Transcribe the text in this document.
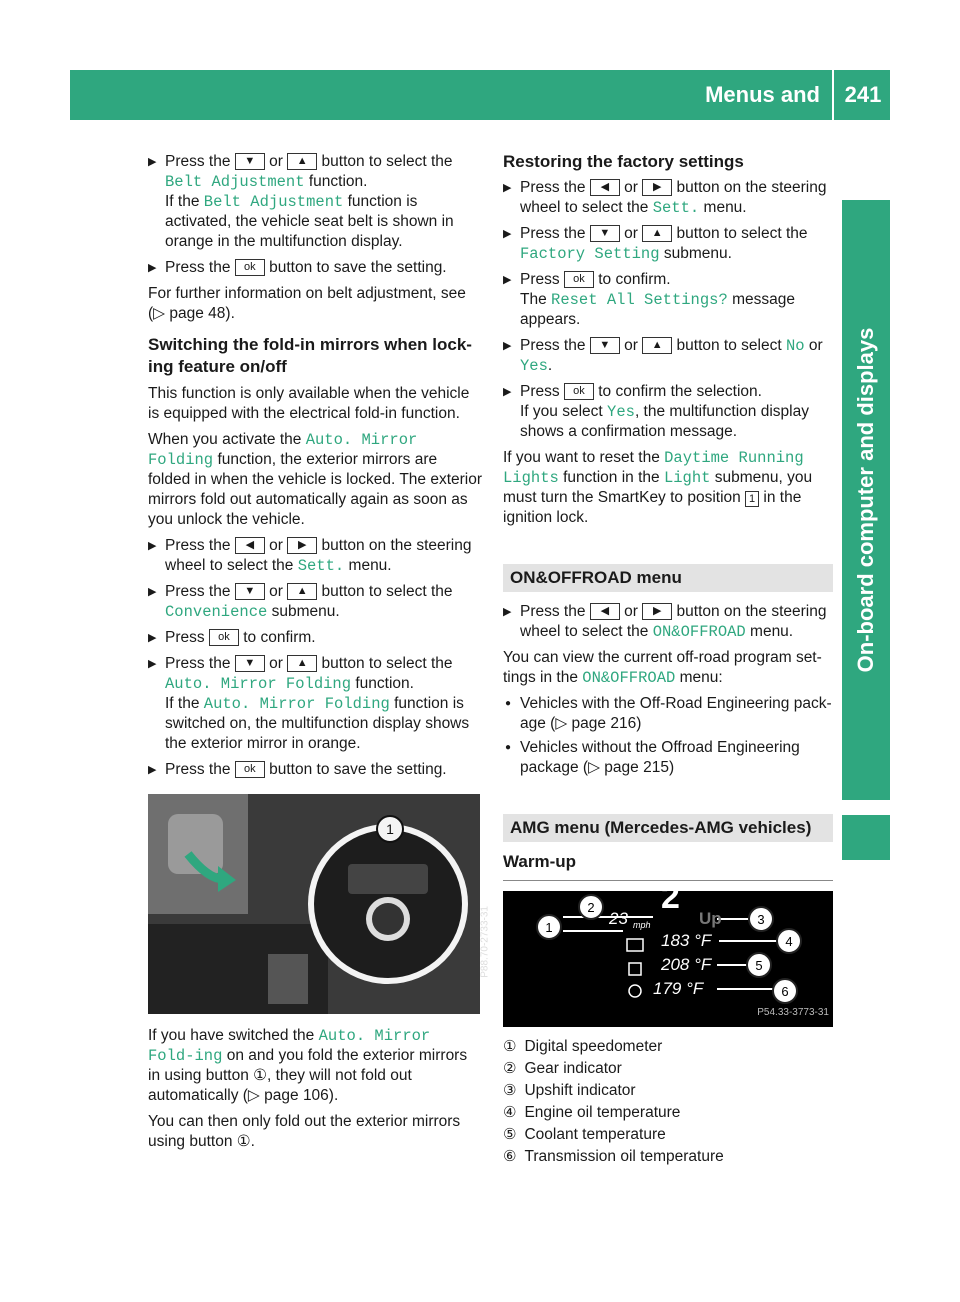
Menus and submenus
241
On-board computer and displays
▶ Press the ▼ or ▲ button to select the
Belt Adjustment function.
If the Belt Adjustment function is activated, the vehicle seat belt is shown in orange in the multifunction display.
▶ Press the ok button to save the setting.

For further information on belt adjustment, see (▷ page 48).

Switching the fold-in mirrors when lock-ing feature on/off

This function is only available when the vehicle is equipped with the electrical fold-in function.

When you activate the Auto. Mirror Folding function, the exterior mirrors are folded in when the vehicle is locked. The exterior mirrors fold out automatically again as soon as you unlock the vehicle.

▶ Press the ◀ or ▶ button on the steering wheel to select the Sett. menu.
▶ Press the ▼ or ▲ button to select the
Convenience submenu.
▶ Press ok to confirm.
▶ Press the ▼ or ▲ button to select the
Auto. Mirror Folding function.
If the Auto. Mirror Folding function is switched on, the multifunction display shows the exterior mirror in orange.
▶ Press the ok button to save the setting.
1
P88.70-2733-31

If you have switched the Auto. Mirror Fold‐ing on and you fold the exterior mirrors in using button ①, they will not fold out automatically (▷ page 106).

You can then only fold out the exterior mirrors using button ①.

Restoring the factory settings
▶ Press the ◀ or ▶ button on the steering wheel to select the Sett. menu.
▶ Press the ▼ or ▲ button to select the
Factory Setting submenu.
▶ Press ok to confirm.
The Reset All Settings? message appears.
▶ Press the ▼ or ▲ button to select No or Yes.
▶ Press ok to confirm the selection.
If you select Yes, the multifunction display shows a confirmation message.

If you want to reset the Daytime Running Lights function in the Light submenu, you must turn the SmartKey to position 1 in the ignition lock.

ON&OFFROAD menu
▶ Press the ◀ or ▶ button on the steering wheel to select the ON&OFFROAD menu.

You can view the current off-road program set-tings in the ON&OFFROAD menu:

● Vehicles with the Off-Road Engineering pack-age (▷ page 216)
● Vehicles without the Offroad Engineering package (▷ page 215)
AMG menu (Mercedes-AMG vehicles)
Warm-up
1
2
3
4
5
6
23 mph
2
Up
183 °F
208 °F
179 °F
P54.33-3773-31
① Digital speedometer
② Gear indicator
③ Upshift indicator
④ Engine oil temperature
⑤ Coolant temperature
⑥ Transmission oil temperature
